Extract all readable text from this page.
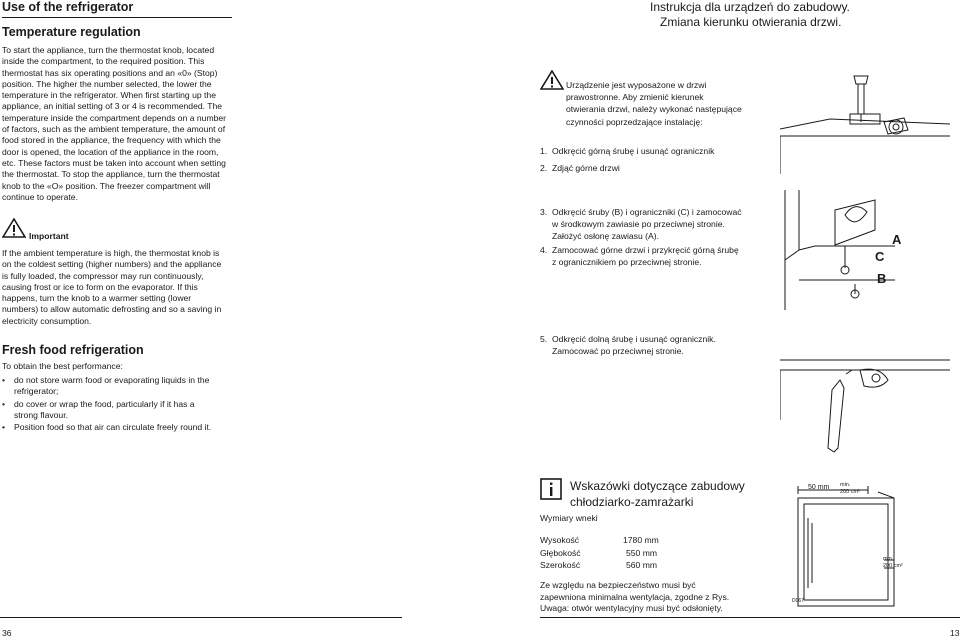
Use of the refrigerator
Temperature regulation

To start the appliance, turn the thermostat knob, located inside the compartment, to the required position. This thermostat has six operating positions and an «0» (Stop) position. The higher the number selected, the lower the temperature in the refrigerator. When first starting up the appliance, an initial setting of 3 or 4 is recommended. The temperature inside the compartment depends on a number of factors, such as the ambient temperature, the amount of food stored in the appliance, the frequency with which the door is opened, the location of the appliance in the room, etc. These factors must be taken into account when setting the thermostat. To stop the appliance, turn the thermostat knob to the «O» position. The freezer compartment will continue to operate.

Important

If the ambient temperature is high, the thermostat knob is on the coldest setting (higher numbers) and the appliance is fully loaded, the compressor may run continuously, causing frost or ice to form on the evaporator. If this happens, turn the knob to a warmer setting (lower numbers) to allow automatic defrosting and so a saving in electricity consumption.

Fresh food refrigeration
To obtain the best performance:
• do not store warm food or evaporating liquids in the refrigerator;
• do cover or wrap the food, particularly if it has a strong flavour.
• Position food so that air can circulate freely round it.
36
Instrukcja dla urządzeń do zabudowy.
Zmiana kierunku otwierania drzwi.
Urządzenie jest wyposażone w drzwi
prawostronne. Aby zmienić kierunek
otwierania drzwi, należy wykonać następujące
czynności poprzedzające instalację:
1. Odkręcić górną śrubę i usunąć ogranicznik
2. Zdjąć górne drzwi
3. Odkręcić śruby (B) i ograniczniki (C) i zamocować
w środkowym zawiasie po przeciwnej stronie.
Założyć osłonę zawiasu (A).
4. Zamocować górne drzwi i przykręcić górną śrubę
z ogranicznikiem po przeciwnej stronie.
5. Odkręcić dolną śrubę i usunąć ogranicznik.
Zamocować po przeciwnej stronie.
A
C
B
Wskazówki dotyczące zabudowy
chłodziarko-zamrażarki
Wymiary wneki
Wysokość	1780 mm
Głębokość	550 mm
Szerokość	560 mm
Ze względu na bezpieczeństwo musi być
zapewniona minimalna wentylacja, zgodne z Rys.
Uwaga: otwór wentylacyjny musi być odsłonięty.
50 mm min.
200 cm²
min.
200 cm²
D067
13
